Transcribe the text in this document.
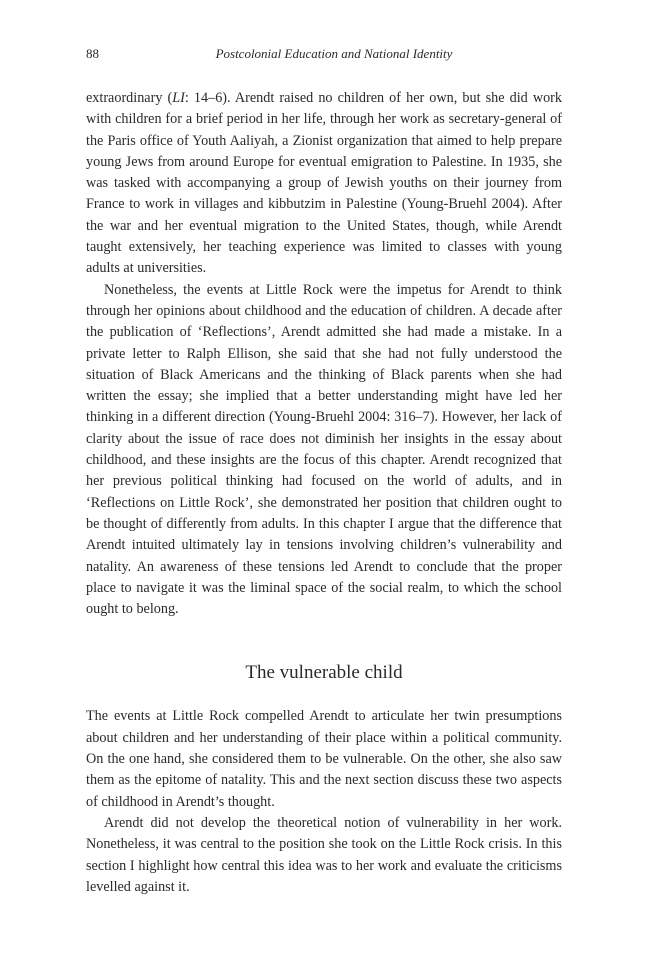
88	Postcolonial Education and National Identity

extraordinary (LI: 14–6). Arendt raised no children of her own, but she did work with children for a brief period in her life, through her work as secretary-general of the Paris office of Youth Aaliyah, a Zionist organization that aimed to help prepare young Jews from around Europe for eventual emigration to Palestine. In 1935, she was tasked with accompanying a group of Jewish youths on their journey from France to work in villages and kibbutzim in Palestine (Young-Bruehl 2004). After the war and her eventual migration to the United States, though, while Arendt taught extensively, her teaching experience was limited to classes with young adults at universities.

Nonetheless, the events at Little Rock were the impetus for Arendt to think through her opinions about childhood and the education of children. A decade after the publication of ‘Reflections’, Arendt admitted she had made a mistake. In a private letter to Ralph Ellison, she said that she had not fully understood the situation of Black Americans and the thinking of Black parents when she had written the essay; she implied that a better understanding might have led her thinking in a different direction (Young-Bruehl 2004: 316–7). However, her lack of clarity about the issue of race does not diminish her insights in the essay about childhood, and these insights are the focus of this chapter. Arendt recognized that her previous political thinking had focused on the world of adults, and in ‘Reflections on Little Rock’, she demonstrated her position that children ought to be thought of differently from adults. In this chapter I argue that the difference that Arendt intuited ultimately lay in tensions involving children’s vulnerability and natality. An awareness of these tensions led Arendt to conclude that the proper place to navigate it was the liminal space of the social realm, to which the school ought to belong.

The vulnerable child

The events at Little Rock compelled Arendt to articulate her twin presumptions about children and her understanding of their place within a political community. On the one hand, she considered them to be vulnerable. On the other, she also saw them as the epitome of natality. This and the next section discuss these two aspects of childhood in Arendt’s thought.

Arendt did not develop the theoretical notion of vulnerability in her work. Nonetheless, it was central to the position she took on the Little Rock crisis. In this section I highlight how central this idea was to her work and evaluate the criticisms levelled against it.
